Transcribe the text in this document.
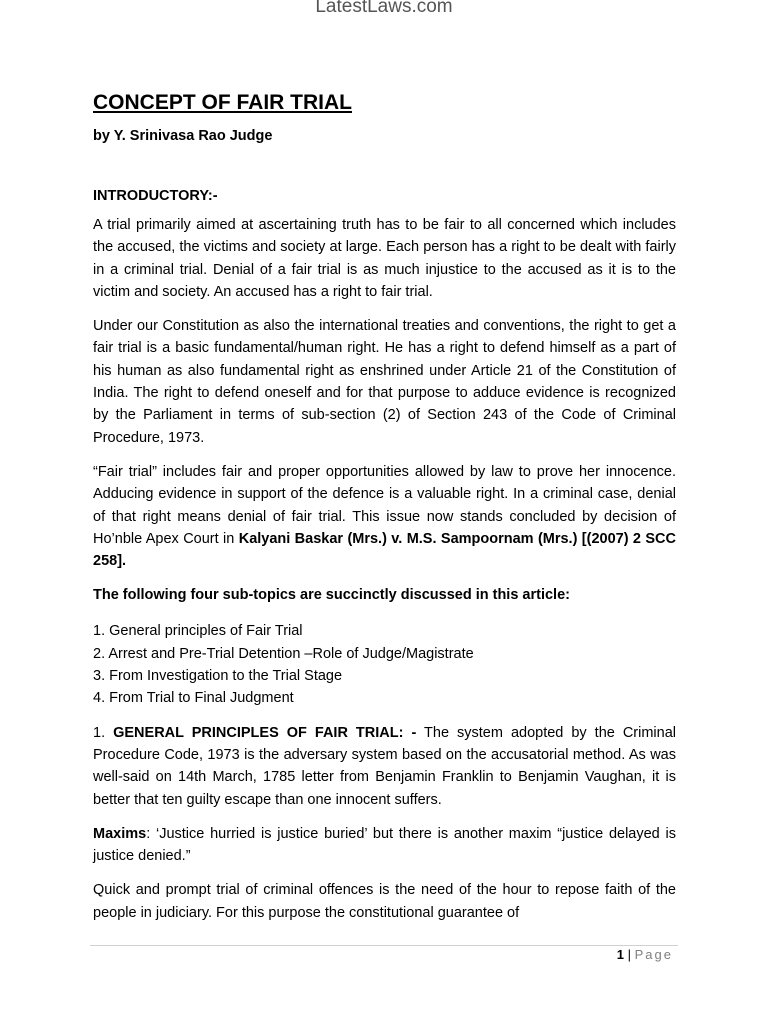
LatestLaws.com
CONCEPT OF FAIR TRIAL
by Y. Srinivasa Rao Judge
INTRODUCTORY:-

A trial primarily aimed at ascertaining truth has to be fair to all concerned which includes the accused, the victims and society at large. Each person has a right to be dealt with fairly in a criminal trial. Denial of a fair trial is as much injustice to the accused as it is to the victim and society. An accused has a right to fair trial.

Under our Constitution as also the international treaties and conventions, the right to get a fair trial is a basic fundamental/human right. He has a right to defend himself as a part of his human as also fundamental right as enshrined under Article 21 of the Constitution of India. The right to defend oneself and for that purpose to adduce evidence is recognized by the Parliament in terms of sub-section (2) of Section 243 of the Code of Criminal Procedure, 1973.

“Fair trial” includes fair and proper opportunities allowed by law to prove her innocence. Adducing evidence in support of the defence is a valuable right. In a criminal case, denial of that right means denial of fair trial. This issue now stands concluded by decision of Ho’nble Apex Court in Kalyani Baskar (Mrs.) v. M.S. Sampoornam (Mrs.) [(2007) 2 SCC 258].

The following four sub-topics are succinctly discussed in this article:
1. General principles of Fair Trial
2. Arrest and Pre-Trial Detention –Role of Judge/Magistrate
3. From Investigation to the Trial Stage
4. From Trial to Final Judgment

1. GENERAL PRINCIPLES OF FAIR TRIAL: - The system adopted by the Criminal Procedure Code, 1973 is the adversary system based on the accusatorial method. As was well-said on 14th March, 1785 letter from Benjamin Franklin to Benjamin Vaughan, it is better that ten guilty escape than one innocent suffers.

Maxims: ‘Justice hurried is justice buried’ but there is another maxim “justice delayed is justice denied.”

Quick and prompt trial of criminal offences is the need of the hour to repose faith of the people in judiciary. For this purpose the constitutional guarantee of

1 | Page
